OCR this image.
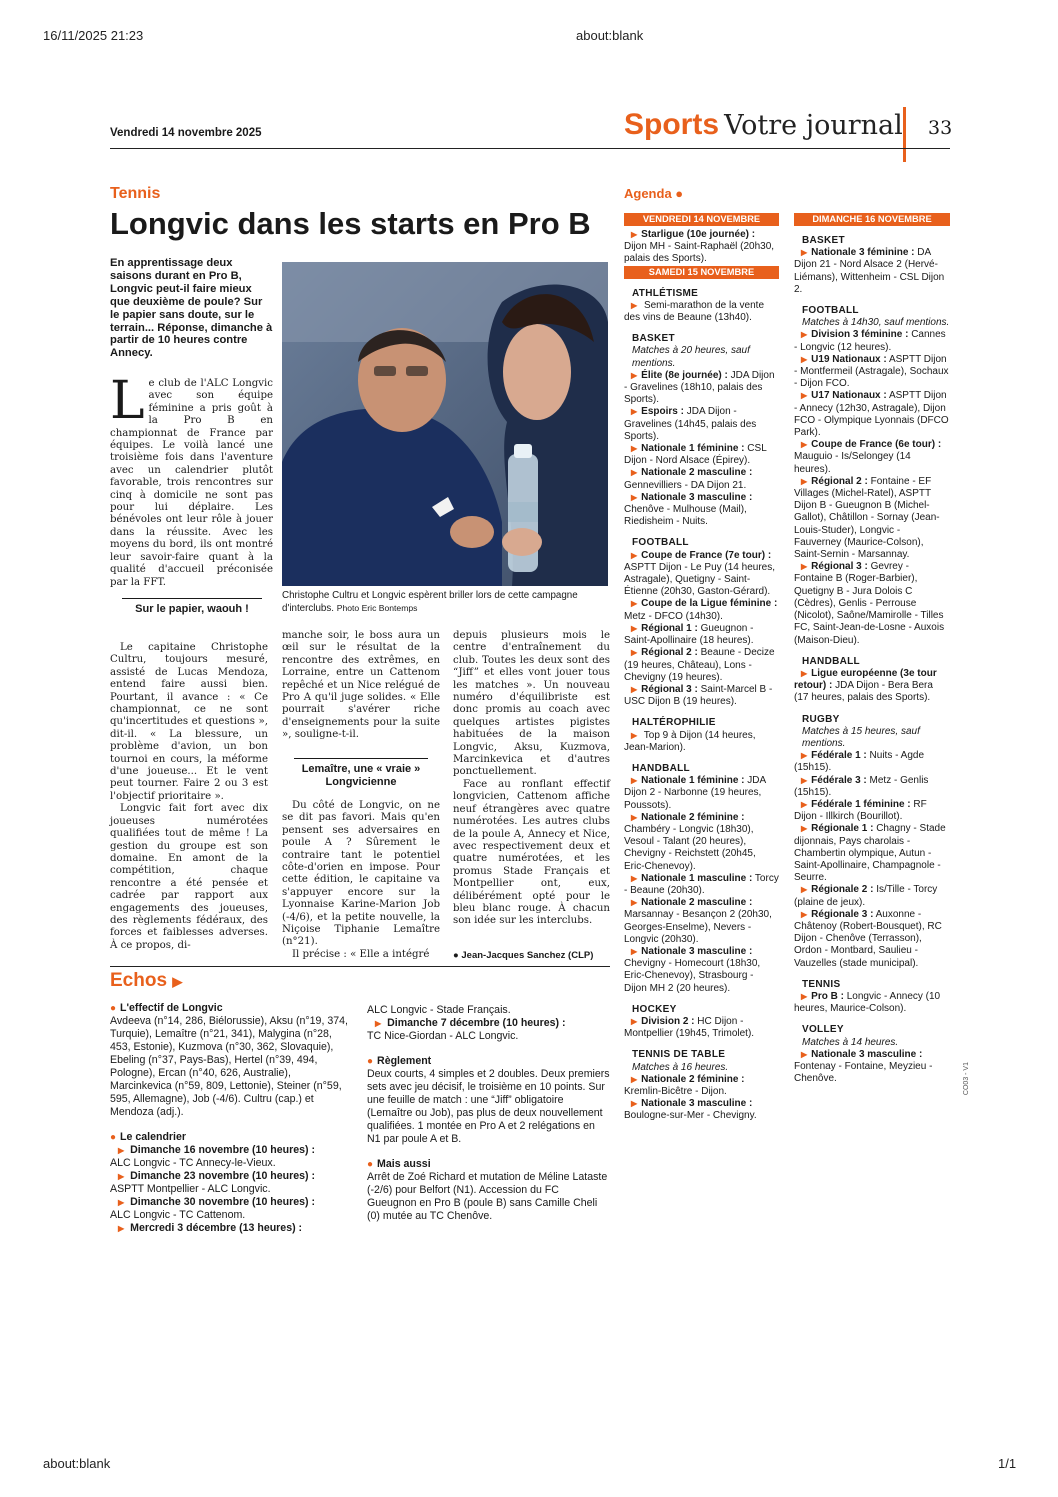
16/11/2025 21:23	about:blank
about:blank	1/1
Vendredi 14 novembre 2025	Sports Votre journal 33
Tennis
Longvic dans les starts en Pro B
En apprentissage deux saisons durant en Pro B, Longvic peut-il faire mieux que deuxième de poule? Sur le papier sans doute, sur le terrain... Réponse, dimanche à partir de 10 heures contre Annecy.
Christophe Cultru et Longvic espèrent briller lors de cette campagne d'interclubs. Photo Eric Bontemps
Le club de l'ALC Longvic avec son équipe féminine a pris goût à la Pro B en championnat de France par équipes. Le voilà lancé une troisième fois dans l'aventure avec un calendrier plutôt favorable, trois rencontres sur cinq à domicile ne sont pas pour lui déplaire. Les bénévoles ont leur rôle à jouer dans la réussite. Avec les moyens du bord, ils ont montré leur savoir-faire quant à la qualité d'accueil préconisée par la FFT.
Sur le papier, waouh !

Le capitaine Christophe Cultru, toujours mesuré, assisté de Lucas Mendoza, entend faire aussi bien. Pourtant, il avance : « Ce championnat, ce ne sont qu'incertitudes et questions », dit-il. « La blessure, un problème d'avion, un bon tournoi en cours, la méforme d'une joueuse... Et le vent peut tourner. Faire 2 ou 3 est l'objectif prioritaire ».

Longvic fait fort avec dix joueuses numérotées qualifiées tout de même ! La gestion du groupe est son domaine. En amont de la compétition, chaque rencontre a été pensée et cadrée par rapport aux engagements des joueuses, des règlements fédéraux, des forces et faiblesses adverses. À ce propos, di-

manche soir, le boss aura un œil sur le résultat de la rencontre des extrêmes, en Lorraine, entre un Cattenom repêché et un Nice relégué de Pro A qu'il juge solides. « Elle pourrait s'avérer riche d'enseignements pour la suite », souligne-t-il.

Lemaître, une « vraie » Longvicienne

Du côté de Longvic, on ne se dit pas favori. Mais qu'en pensent ses adversaires en poule A ? Sûrement le contraire tant le potentiel côte-d'orien en impose. Pour cette édition, le capitaine va s'appuyer encore sur la Lyonnaise Karine-Marion Job (-4/6), et la petite nouvelle, la Niçoise Tiphanie Lemaître (n°21).

Il précise : « Elle a intégré

depuis plusieurs mois le centre d'entraînement du club. Toutes les deux sont des “Jiff” et elles vont jouer tous les matches ». Un nouveau numéro d'équilibriste est donc promis au coach avec quelques artistes pigistes habituées de la maison Longvic, Aksu, Kuzmova, Marcinkevica et d'autres ponctuellement.

Face au ronflant effectif longvicien, Cattenom affiche neuf étrangères avec quatre numérotées. Les autres clubs de la poule A, Annecy et Nice, avec respectivement deux et quatre numérotées, et les promus Stade Français et Montpellier ont, eux, délibérément opté pour le bleu blanc rouge. À chacun son idée sur les interclubs.

● Jean-Jacques Sanchez (CLP)
Agenda ●
VENDREDI 14 NOVEMBRE
▶ Starligue (10e journée) : Dijon MH - Saint-Raphaël (20h30, palais des Sports).
SAMEDI 15 NOVEMBRE
ATHLÉTISME
▶ Semi-marathon de la vente des vins de Beaune (13h40).
BASKET
Matches à 20 heures, sauf mentions.
▶ Élite (8e journée) : JDA Dijon - Gravelines (18h10, palais des Sports).
▶ Espoirs : JDA Dijon - Gravelines (14h45, palais des Sports).
▶ Nationale 1 féminine : CSL Dijon - Nord Alsace (Épirey).
▶ Nationale 2 masculine : Gennevilliers - DA Dijon 21.
▶ Nationale 3 masculine : Chenôve - Mulhouse (Mail), Riedisheim - Nuits.
FOOTBALL
▶ Coupe de France (7e tour) : ASPTT Dijon - Le Puy (14 heures, Astragale), Quetigny - Saint-Étienne (20h30, Gaston-Gérard).
▶ Coupe de la Ligue féminine : Metz - DFCO (14h30).
▶ Régional 1 : Gueugnon - Saint-Apollinaire (18 heures).
▶ Régional 2 : Beaune - Decize (19 heures, Château), Lons - Chevigny (19 heures).
▶ Régional 3 : Saint-Marcel B - USC Dijon B (19 heures).
HALTÉROPHILIE
▶ Top 9 à Dijon (14 heures, Jean-Marion).
HANDBALL
▶ Nationale 1 féminine : JDA Dijon 2 - Narbonne (19 heures, Poussots).
▶ Nationale 2 féminine : Chambéry - Longvic (18h30), Vesoul - Talant (20 heures), Chevigny - Reichstett (20h45, Eric-Chenevoy).
▶ Nationale 1 masculine : Torcy - Beaune (20h30).
▶ Nationale 2 masculine : Marsannay - Besançon 2 (20h30, Georges-Enselme), Nevers - Longvic (20h30).
▶ Nationale 3 masculine : Chevigny - Homecourt (18h30, Eric-Chenevoy), Strasbourg - Dijon MH 2 (20 heures).
HOCKEY
▶ Division 2 : HC Dijon - Montpellier (19h45, Trimolet).
TENNIS DE TABLE
Matches à 16 heures.
▶ Nationale 2 féminine : Kremlin-Bicêtre - Dijon.
▶ Nationale 3 masculine : Boulogne-sur-Mer - Chevigny.
DIMANCHE 16 NOVEMBRE
BASKET
▶ Nationale 3 féminine : DA Dijon 21 - Nord Alsace 2 (Hervé-Liémans), Wittenheim - CSL Dijon 2.
FOOTBALL
Matches à 14h30, sauf mentions.
▶ Division 3 féminine : Cannes - Longvic (12 heures).
▶ U19 Nationaux : ASPTT Dijon - Montfermeil (Astragale), Sochaux - Dijon FCO.
▶ U17 Nationaux : ASPTT Dijon - Annecy (12h30, Astragale), Dijon FCO - Olympique Lyonnais (DFCO Park).
▶ Coupe de France (6e tour) : Mauguio - Is/Selongey (14 heures).
▶ Régional 2 : Fontaine - EF Villages (Michel-Ratel), ASPTT Dijon B - Gueugnon B (Michel-Gallot), Châtillon - Sornay (Jean-Louis-Studer), Longvic - Fauverney (Maurice-Colson), Saint-Sernin - Marsannay.
▶ Régional 3 : Gevrey - Fontaine B (Roger-Barbier), Quetigny B - Jura Dolois C (Cèdres), Genlis - Perrouse (Nicolot), Saône/Mamirolle - Tilles FC, Saint-Jean-de-Losne - Auxois (Maison-Dieu).
HANDBALL
▶ Ligue européenne (3e tour retour) : JDA Dijon - Bera Bera (17 heures, palais des Sports).
RUGBY
Matches à 15 heures, sauf mentions.
▶ Fédérale 1 : Nuits - Agde (15h15).
▶ Fédérale 3 : Metz - Genlis (15h15).
▶ Fédérale 1 féminine : RF Dijon - Illkirch (Bourillot).
▶ Régionale 1 : Chagny - Stade dijonnais, Pays charolais - Chambertin olympique, Autun - Saint-Apollinaire, Champagnole - Seurre.
▶ Régionale 2 : Is/Tille - Torcy (plaine de jeux).
▶ Régionale 3 : Auxonne - Châtenoy (Robert-Bousquet), RC Dijon - Chenôve (Terrasson), Ordon - Montbard, Saulieu - Vauzelles (stade municipal).
TENNIS
▶ Pro B : Longvic - Annecy (10 heures, Maurice-Colson).
VOLLEY
Matches à 14 heures.
▶ Nationale 3 masculine : Fontenay - Fontaine, Meyzieu - Chenôve.
Echos ▶
● L'effectif de Longvic
Avdeeva (n°14, 286, Biélorussie), Aksu (n°19, 374, Turquie), Lemaître (n°21, 341), Malygina (n°28, 453, Estonie), Kuzmova (n°30, 362, Slovaquie), Ebeling (n°37, Pays-Bas), Hertel (n°39, 494, Pologne), Ercan (n°40, 626, Australie), Marcinkevica (n°59, 809, Lettonie), Steiner (n°59, 595, Allemagne), Job (-4/6). Cultru (cap.) et Mendoza (adj.).
● Le calendrier
▶ Dimanche 16 novembre (10 heures) :
ALC Longvic - TC Annecy-le-Vieux.
▶ Dimanche 23 novembre (10 heures) :
ASPTT Montpellier - ALC Longvic.
▶ Dimanche 30 novembre (10 heures) :
ALC Longvic - TC Cattenom.
▶ Mercredi 3 décembre (13 heures) :
ALC Longvic - Stade Français.
▶ Dimanche 7 décembre (10 heures) :
TC Nice-Giordan - ALC Longvic.
● Règlement
Deux courts, 4 simples et 2 doubles. Deux premiers sets avec jeu décisif, le troisième en 10 points. Sur une feuille de match : une “Jiff” obligatoire (Lemaître ou Job), pas plus de deux nouvellement qualifiées. 1 montée en Pro A et 2 relégations en N1 par poule A et B.
● Mais aussi
Arrêt de Zoé Richard et mutation de Méline Lataste (-2/6) pour Belfort (N1). Accession du FC Gueugnon en Pro B (poule B) sans Camille Cheli (0) mutée au TC Chenôve.
CO03 - V1
